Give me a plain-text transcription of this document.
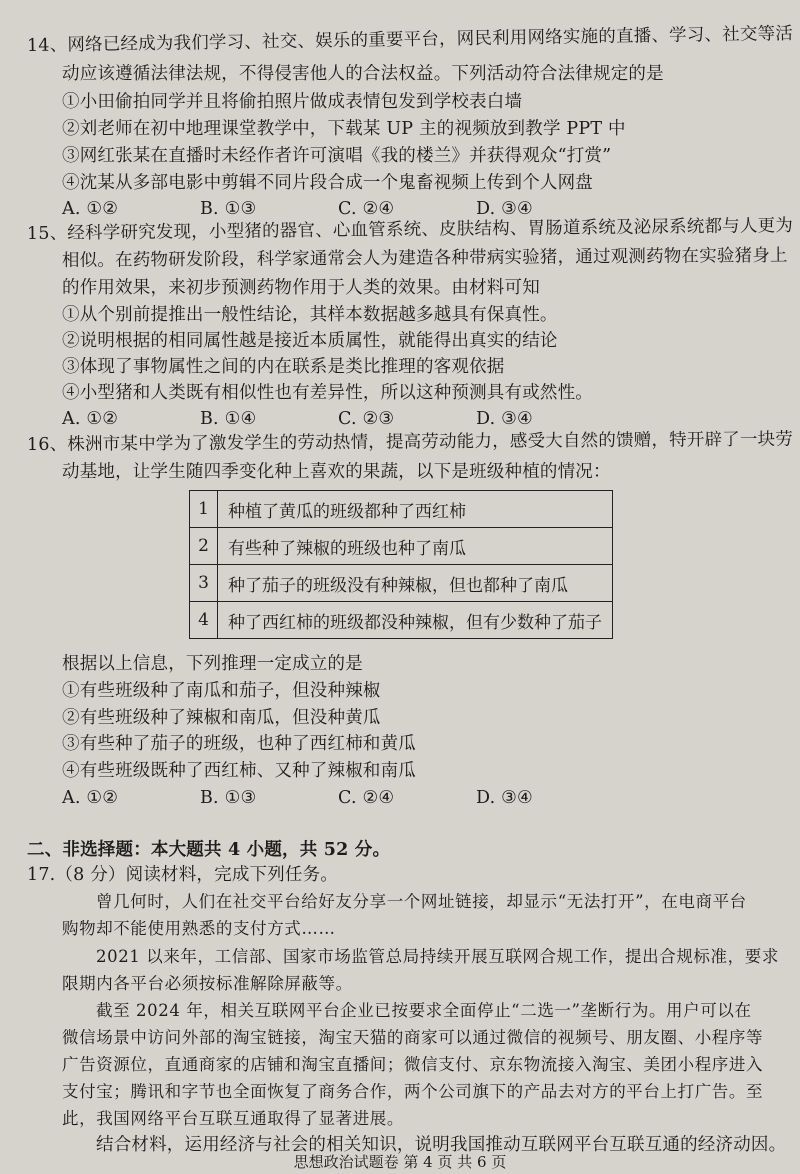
14、网络已经成为我们学习、社交、娱乐的重要平台，网民利用网络实施的直播、学习、社交等活
动应该遵循法律法规，不得侵害他人的合法权益。下列活动符合法律规定的是
①小田偷拍同学并且将偷拍照片做成表情包发到学校表白墙
②刘老师在初中地理课堂教学中，下载某 UP 主的视频放到教学 PPT 中
③网红张某在直播时未经作者许可演唱《我的楼兰》并获得观众“打赏”
④沈某从多部电影中剪辑不同片段合成一个鬼畜视频上传到个人网盘
A. ①②	B. ①③	C. ②④	D. ③④
15、经科学研究发现，小型猪的器官、心血管系统、皮肤结构、胃肠道系统及泌尿系统都与人更为
相似。在药物研发阶段，科学家通常会人为建造各种带病实验猪，通过观测药物在实验猪身上
的作用效果，来初步预测药物作用于人类的效果。由材料可知
①从个别前提推出一般性结论，其样本数据越多越具有保真性。
②说明根据的相同属性越是接近本质属性，就能得出真实的结论
③体现了事物属性之间的内在联系是类比推理的客观依据
④小型猪和人类既有相似性也有差异性，所以这种预测具有或然性。
A. ①②	B. ①④	C. ②③	D. ③④
16、株洲市某中学为了激发学生的劳动热情，提高劳动能力，感受大自然的馈赠，特开辟了一块劳
动基地，让学生随四季变化种上喜欢的果蔬，以下是班级种植的情况：
1	种植了黄瓜的班级都种了西红柿
2	有些种了辣椒的班级也种了南瓜
3	种了茄子的班级没有种辣椒，但也都种了南瓜
4	种了西红柿的班级都没种辣椒，但有少数种了茄子
根据以上信息，下列推理一定成立的是
①有些班级种了南瓜和茄子，但没种辣椒
②有些班级种了辣椒和南瓜，但没种黄瓜
③有些种了茄子的班级，也种了西红柿和黄瓜
④有些班级既种了西红柿、又种了辣椒和南瓜
A. ①②	B. ①③	C. ②④	D. ③④
二、非选择题：本大题共 4 小题，共 52 分。
17.（8 分）阅读材料，完成下列任务。
曾几何时，人们在社交平台给好友分享一个网址链接，却显示“无法打开”，在电商平台
购物却不能使用熟悉的支付方式……
2021 以来年，工信部、国家市场监管总局持续开展互联网合规工作，提出合规标准，要求
限期内各平台必须按标准解除屏蔽等。
截至 2024 年，相关互联网平台企业已按要求全面停止“二选一”垄断行为。用户可以在
微信场景中访问外部的淘宝链接，淘宝天猫的商家可以通过微信的视频号、朋友圈、小程序等
广告资源位，直通商家的店铺和淘宝直播间；微信支付、京东物流接入淘宝、美团小程序进入
支付宝；腾讯和字节也全面恢复了商务合作，两个公司旗下的产品去对方的平台上打广告。至
此，我国网络平台互联互通取得了显著进展。
结合材料，运用经济与社会的相关知识，说明我国推动互联网平台互联互通的经济动因。
思想政治试题卷 第 4 页 共 6 页
